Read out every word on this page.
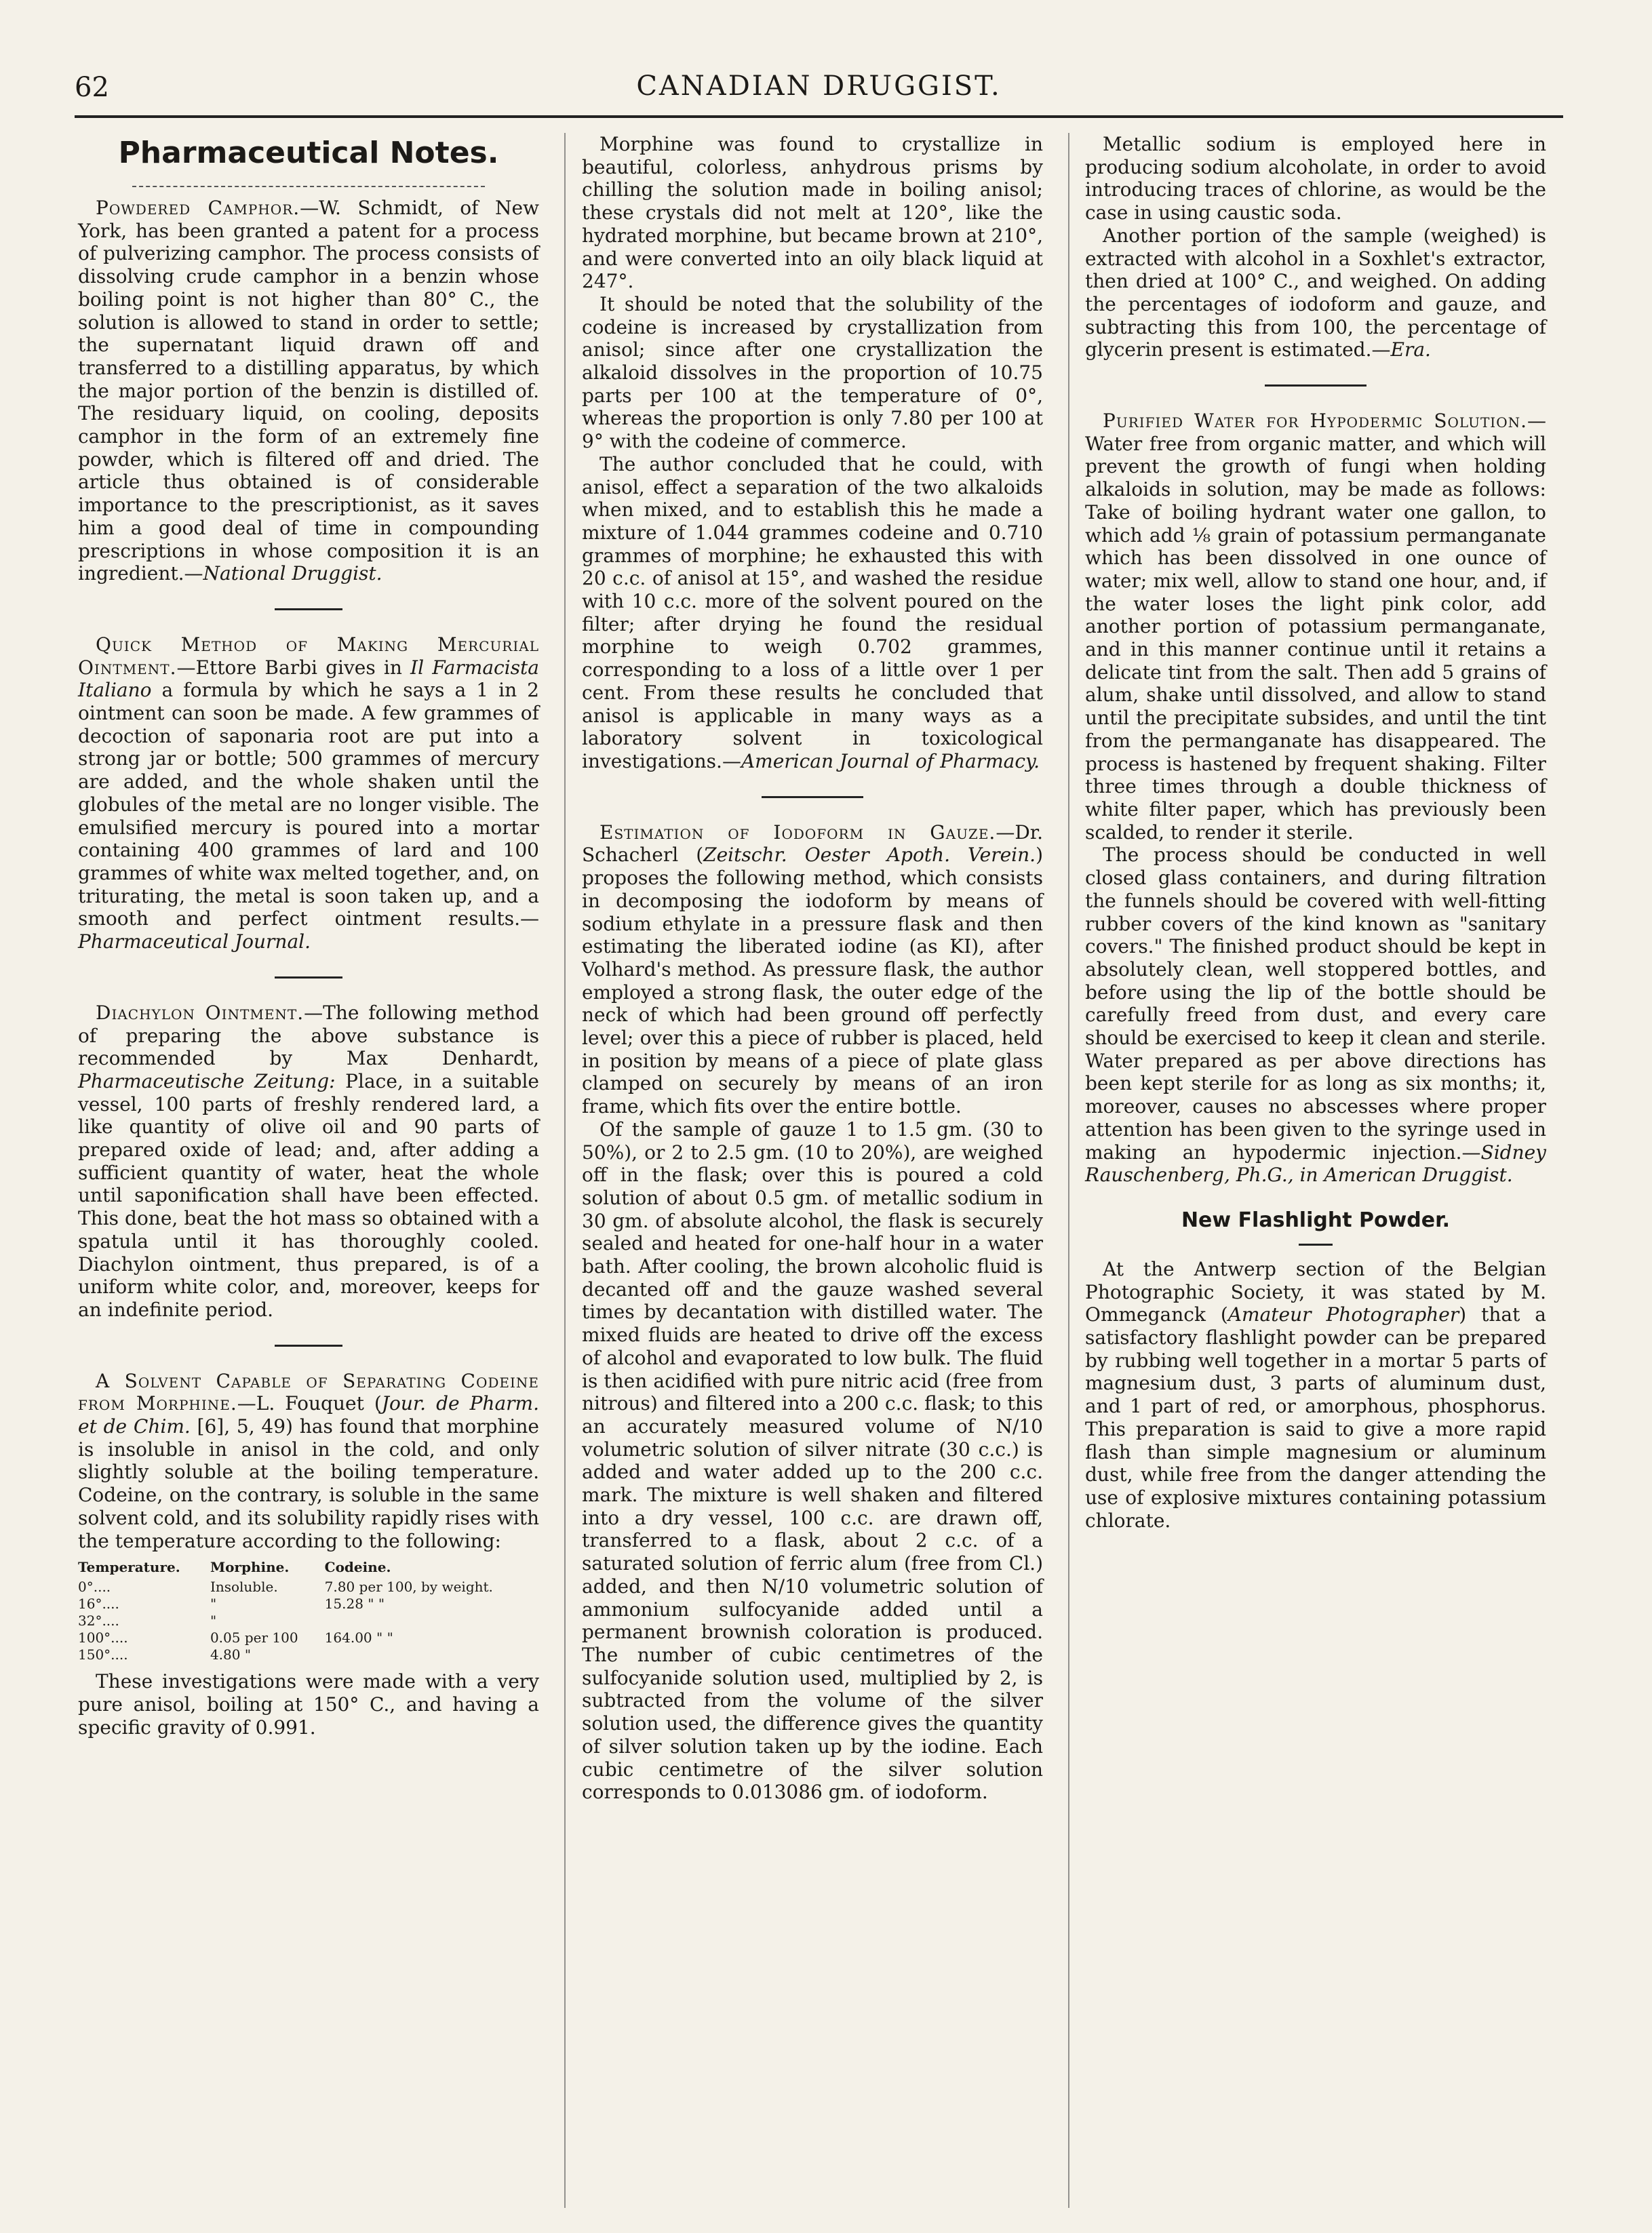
62	CANADIAN DRUGGIST.
Pharmaceutical Notes.

Powdered Camphor.—W. Schmidt, of New York, has been granted a patent for a process of pulverizing camphor. The process consists of dissolving crude camphor in a benzin whose boiling point is not higher than 80° C., the solution is allowed to stand in order to settle; the supernatant liquid drawn off and transferred to a distilling apparatus, by which the major portion of the benzin is distilled of. The residuary liquid, on cooling, deposits camphor in the form of an extremely fine powder, which is filtered off and dried. The article thus obtained is of considerable importance to the prescriptionist, as it saves him a good deal of time in compounding prescriptions in whose composition it is an ingredient.—National Druggist.

Quick Method of Making Mercurial Ointment.—Ettore Barbi gives in Il Farmacista Italiano a formula by which he says a 1 in 2 ointment can soon be made. A few grammes of decoction of saponaria root are put into a strong jar or bottle; 500 grammes of mercury are added, and the whole shaken until the globules of the metal are no longer visible. The emulsified mercury is poured into a mortar containing 400 grammes of lard and 100 grammes of white wax melted together, and, on triturating, the metal is soon taken up, and a smooth and perfect ointment results.—Pharmaceutical Journal.

Diachylon Ointment.—The following method of preparing the above substance is recommended by Max Denhardt, Pharmaceutische Zeitung: Place, in a suitable vessel, 100 parts of freshly rendered lard, a like quantity of olive oil and 90 parts of prepared oxide of lead; and, after adding a sufficient quantity of water, heat the whole until saponification shall have been effected. This done, beat the hot mass so obtained with a spatula until it has thoroughly cooled. Diachylon ointment, thus prepared, is of a uniform white color, and, moreover, keeps for an indefinite period.

A Solvent Capable of Separating Codeine from Morphine.—L. Fouquet (Jour. de Pharm. et de Chim. [6], 5, 49) has found that morphine is insoluble in anisol in the cold, and only slightly soluble at the boiling temperature. Codeine, on the contrary, is soluble in the same solvent cold, and its solubility rapidly rises with the temperature according to the following:

Temperature.	Morphine.	Codeine.
0°....	Insoluble.	7.80 per 100, by weight.
16°....	"	15.28 " "
32°....	"	
100°....	0.05 per 100	164.00 " "
150°....	4.80 "	

These investigations were made with a very pure anisol, boiling at 150° C., and having a specific gravity of 0.991.

Morphine was found to crystallize in beautiful, colorless, anhydrous prisms by chilling the solution made in boiling anisol; these crystals did not melt at 120°, like the hydrated morphine, but became brown at 210°, and were converted into an oily black liquid at 247°.

It should be noted that the solubility of the codeine is increased by crystallization from anisol; since after one crystallization the alkaloid dissolves in the proportion of 10.75 parts per 100 at the temperature of 0°, whereas the proportion is only 7.80 per 100 at 9° with the codeine of commerce.

The author concluded that he could, with anisol, effect a separation of the two alkaloids when mixed, and to establish this he made a mixture of 1.044 grammes codeine and 0.710 grammes of morphine; he exhausted this with 20 c.c. of anisol at 15°, and washed the residue with 10 c.c. more of the solvent poured on the filter; after drying he found the residual morphine to weigh 0.702 grammes, corresponding to a loss of a little over 1 per cent. From these results he concluded that anisol is applicable in many ways as a laboratory solvent in toxicological investigations.—American Journal of Pharmacy.

Estimation of Iodoform in Gauze.—Dr. Schacherl (Zeitschr. Oester Apoth. Verein.) proposes the following method, which consists in decomposing the iodoform by means of sodium ethylate in a pressure flask and then estimating the liberated iodine (as KI), after Volhard's method. As pressure flask, the author employed a strong flask, the outer edge of the neck of which had been ground off perfectly level; over this a piece of rubber is placed, held in position by means of a piece of plate glass clamped on securely by means of an iron frame, which fits over the entire bottle.

Of the sample of gauze 1 to 1.5 gm. (30 to 50%), or 2 to 2.5 gm. (10 to 20%), are weighed off in the flask; over this is poured a cold solution of about 0.5 gm. of metallic sodium in 30 gm. of absolute alcohol, the flask is securely sealed and heated for one-half hour in a water bath. After cooling, the brown alcoholic fluid is decanted off and the gauze washed several times by decantation with distilled water. The mixed fluids are heated to drive off the excess of alcohol and evaporated to low bulk. The fluid is then acidified with pure nitric acid (free from nitrous) and filtered into a 200 c.c. flask; to this an accurately measured volume of N/10 volumetric solution of silver nitrate (30 c.c.) is added and water added up to the 200 c.c. mark. The mixture is well shaken and filtered into a dry vessel, 100 c.c. are drawn off, transferred to a flask, about 2 c.c. of a saturated solution of ferric alum (free from Cl.) added, and then N/10 volumetric solution of ammonium sulfocyanide added until a permanent brownish coloration is produced. The number of cubic centimetres of the sulfocyanide solution used, multiplied by 2, is subtracted from the volume of the silver solution used, the difference gives the quantity of silver solution taken up by the iodine. Each cubic centimetre of the silver solution corresponds to 0.013086 gm. of iodoform.

Metallic sodium is employed here in producing sodium alcoholate, in order to avoid introducing traces of chlorine, as would be the case in using caustic soda.

Another portion of the sample (weighed) is extracted with alcohol in a Soxhlet's extractor, then dried at 100° C., and weighed. On adding the percentages of iodoform and gauze, and subtracting this from 100, the percentage of glycerin present is estimated.—Era.

Purified Water for Hypodermic Solution.—Water free from organic matter, and which will prevent the growth of fungi when holding alkaloids in solution, may be made as follows: Take of boiling hydrant water one gallon, to which add ⅛ grain of potassium permanganate which has been dissolved in one ounce of water; mix well, allow to stand one hour, and, if the water loses the light pink color, add another portion of potassium permanganate, and in this manner continue until it retains a delicate tint from the salt. Then add 5 grains of alum, shake until dissolved, and allow to stand until the precipitate subsides, and until the tint from the permanganate has disappeared. The process is hastened by frequent shaking. Filter three times through a double thickness of white filter paper, which has previously been scalded, to render it sterile.

The process should be conducted in well closed glass containers, and during filtration the funnels should be covered with well-fitting rubber covers of the kind known as "sanitary covers." The finished product should be kept in absolutely clean, well stoppered bottles, and before using the lip of the bottle should be carefully freed from dust, and every care should be exercised to keep it clean and sterile. Water prepared as per above directions has been kept sterile for as long as six months; it, moreover, causes no abscesses where proper attention has been given to the syringe used in making an hypodermic injection.—Sidney Rauschenberg, Ph.G., in American Druggist.

New Flashlight Powder.

At the Antwerp section of the Belgian Photographic Society, it was stated by M. Ommeganck (Amateur Photographer) that a satisfactory flashlight powder can be prepared by rubbing well together in a mortar 5 parts of magnesium dust, 3 parts of aluminum dust, and 1 part of red, or amorphous, phosphorus. This preparation is said to give a more rapid flash than simple magnesium or aluminum dust, while free from the danger attending the use of explosive mixtures containing potassium chlorate.
